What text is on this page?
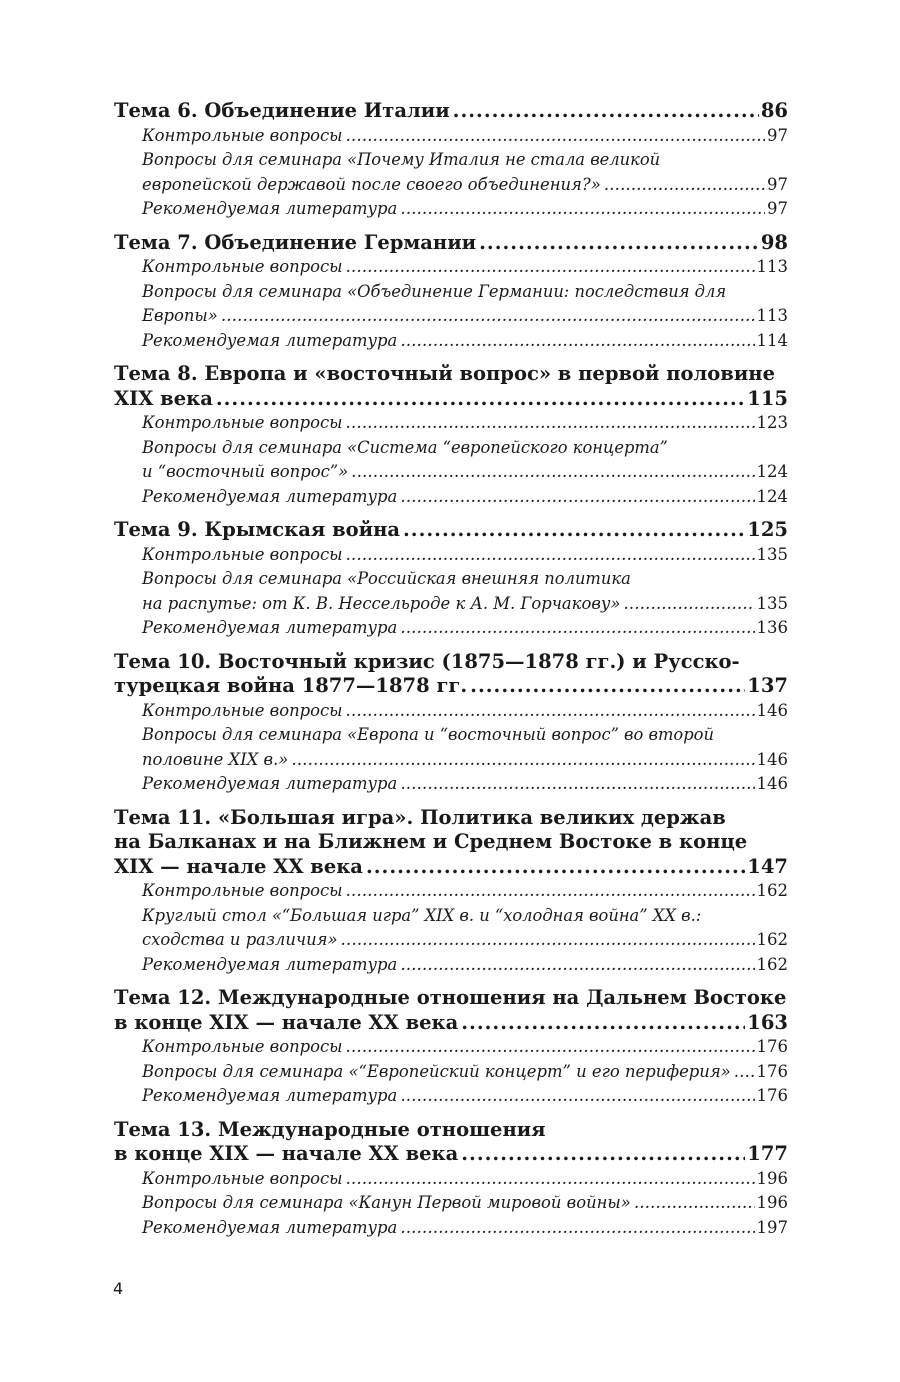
Тема 6. Объединение Италии .....	86
Контрольные вопросы .....	97
Вопросы для семинара «Почему Италия не стала великой
европейской державой после своего объединения?» .....	97
Рекомендуемая литература .....	97
Тема 7. Объединение Германии .....	98
Контрольные вопросы .....	113
Вопросы для семинара «Объединение Германии: последствия для
Европы» .....	113
Рекомендуемая литература .....	114
Тема 8. Европа и «восточный вопрос» в первой половине
XIX века .....	115
Контрольные вопросы .....	123
Вопросы для семинара «Система “европейского концерта”
и “восточный вопрос”» .....	124
Рекомендуемая литература .....	124
Тема 9. Крымская война .....	125
Контрольные вопросы .....	135
Вопросы для семинара «Российская внешняя политика
на распутье: от К. В. Нессельроде к А. М. Горчакову» .....	135
Рекомендуемая литература .....	136
Тема 10. Восточный кризис (1875—1878 гг.) и Русско-
турецкая война 1877—1878 гг. .....	137
Контрольные вопросы .....	146
Вопросы для семинара «Европа и “восточный вопрос” во второй
половине XIX в.» .....	146
Рекомендуемая литература .....	146
Тема 11. «Большая игра». Политика великих держав
на Балканах и на Ближнем и Среднем Востоке в конце
XIX — начале XX века .....	147
Контрольные вопросы .....	162
Круглый стол «“Большая игра” XIX в. и “холодная война” XX в.:
сходства и различия» .....	162
Рекомендуемая литература .....	162
Тема 12. Международные отношения на Дальнем Востоке
в конце XIX — начале XX века .....	163
Контрольные вопросы .....	176
Вопросы для семинара «“Европейский концерт” и его периферия» ..... 176
Рекомендуемая литература .....	176
Тема 13. Международные отношения
в конце XIX — начале XX века .....	177
Контрольные вопросы .....	196
Вопросы для семинара «Канун Первой мировой войны» .....	196
Рекомендуемая литература .....	197
4
